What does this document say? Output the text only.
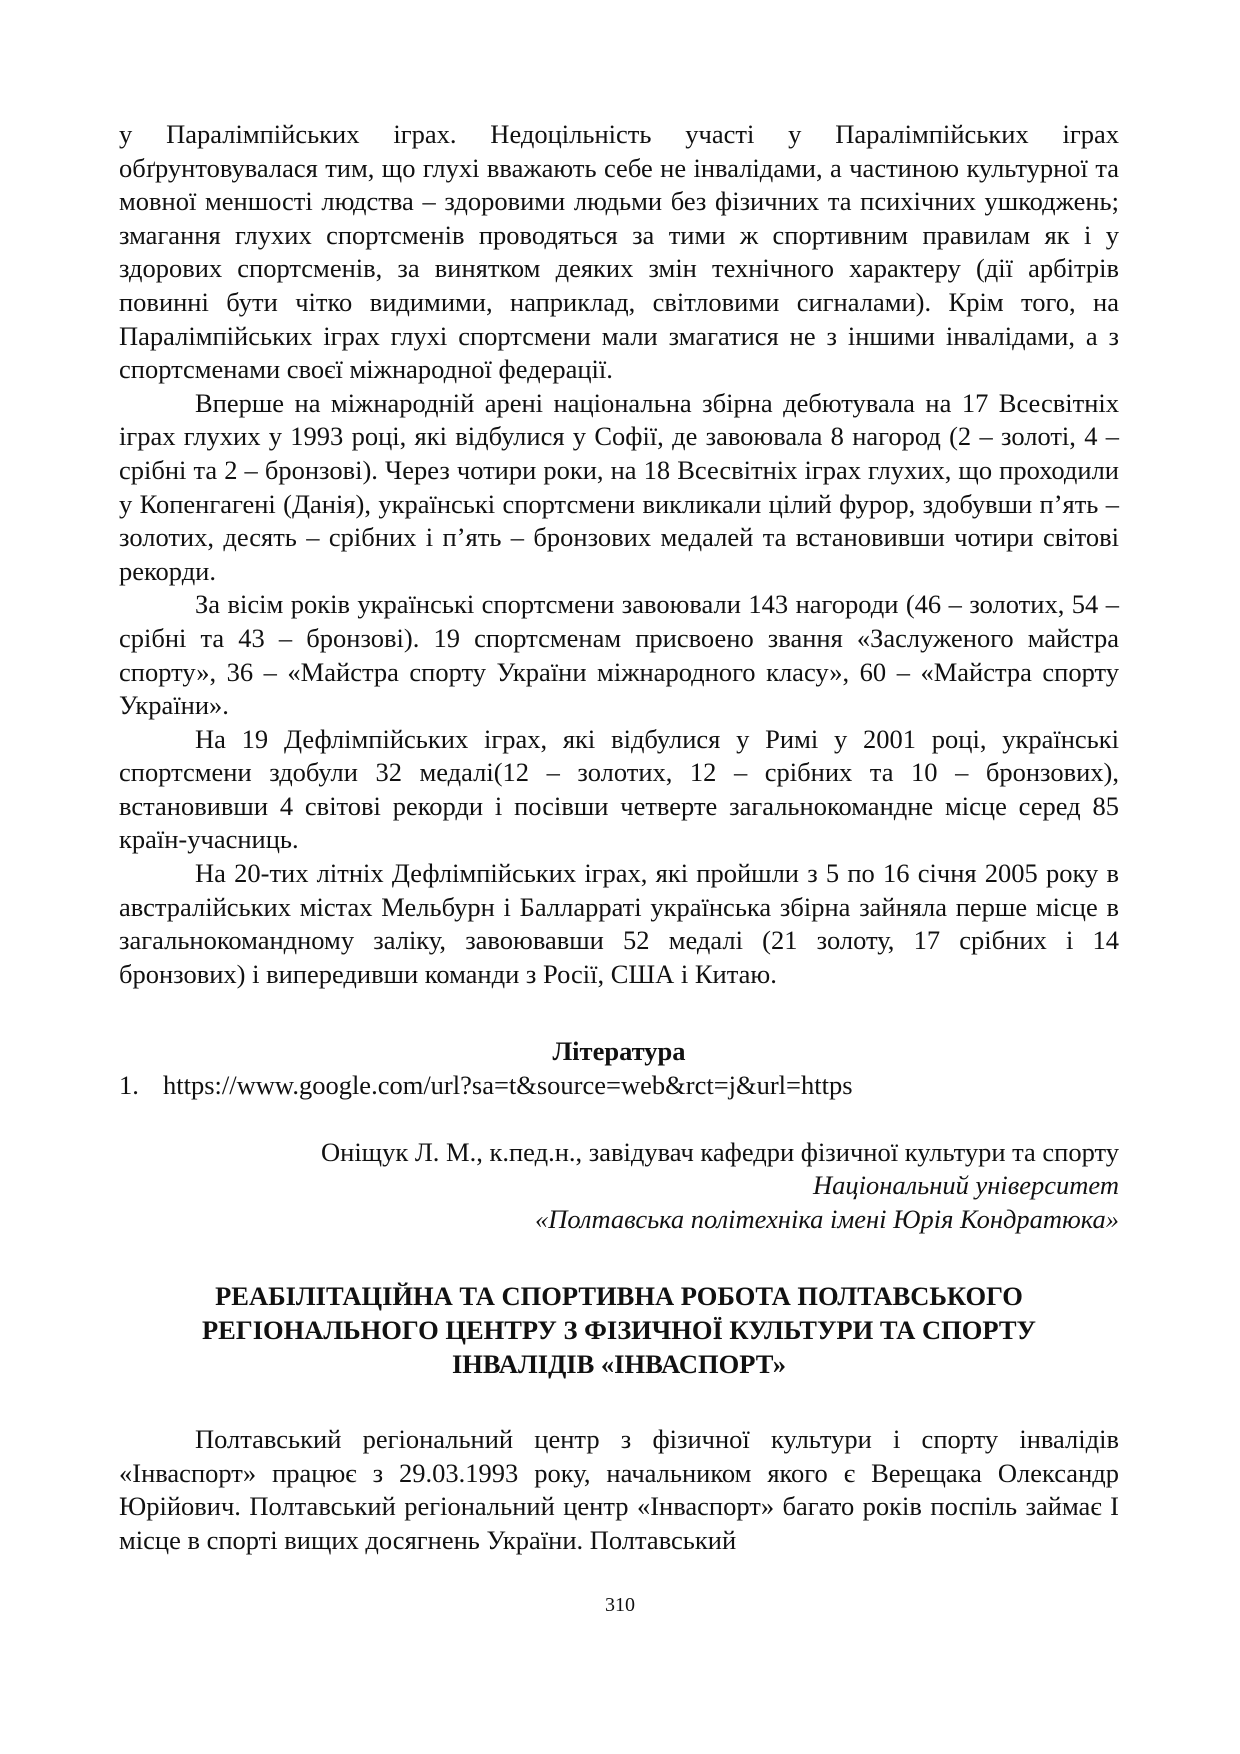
у Паралімпійських іграх. Недоцільність участі у Паралімпійських іграх обґрунтовувалася тим, що глухі вважають себе не інвалідами, а частиною культурної та мовної меншості людства – здоровими людьми без фізичних та психічних ушкоджень; змагання глухих спортсменів проводяться за тими ж спортивним правилам як і у здорових спортсменів, за винятком деяких змін технічного характеру (дії арбітрів повинні бути чітко видимими, наприклад, світловими сигналами). Крім того, на Паралімпійських іграх глухі спортсмени мали змагатися не з іншими інвалідами, а з спортсменами своєї міжнародної федерації.

Вперше на міжнародній арені національна збірна дебютувала на 17 Всесвітніх іграх глухих у 1993 році, які відбулися у Софії, де завоювала 8 нагород (2 – золоті, 4 – срібні та 2 – бронзові). Через чотири роки, на 18 Всесвітніх іграх глухих, що проходили у Копенгагені (Данія), українські спортсмени викликали цілий фурор, здобувши п’ять – золотих, десять – срібних і п’ять – бронзових медалей та встановивши чотири світові рекорди.

За вісім років українські спортсмени завоювали 143 нагороди (46 – золотих, 54 – срібні та 43 – бронзові). 19 спортсменам присвоено звання «Заслуженого майстра спорту», 36 – «Майстра спорту України міжнародного класу», 60 – «Майстра спорту України».

На 19 Дефлімпійських іграх, які відбулися у Римі у 2001 році, українські спортсмени здобули 32 медалі(12 – золотих, 12 – срібних та 10 – бронзових), встановивши 4 світові рекорди і посівши четверте загальнокомандне місце серед 85 країн-учасниць.

На 20-тих літніх Дефлімпійських іграх, які пройшли з 5 по 16 січня 2005 року в австралійських містах Мельбурн і Балларраті українська збірна зайняла перше місце в загальнокомандному заліку, завоювавши 52 медалі (21 золоту, 17 срібних і 14 бронзових) і випередивши команди з Росії, США і Китаю.

Література
1. https://www.google.com/url?sa=t&source=web&rct=j&url=https
Оніщук Л. М., к.пед.н., завідувач кафедри фізичної культури та спорту
Національний університет
«Полтавська політехніка імені Юрія Кондратюка»
РЕАБІЛІТАЦІЙНА ТА СПОРТИВНА РОБОТА ПОЛТАВСЬКОГО
РЕГІОНАЛЬНОГО ЦЕНТРУ З ФІЗИЧНОЇ КУЛЬТУРИ ТА СПОРТУ
ІНВАЛІДІВ «ІНВАСПОРТ»

Полтавський регіональний центр з фізичної культури і спорту інвалідів «Інваспорт» працює з 29.03.1993 року, начальником якого є Верещака Олександр Юрійович. Полтавський регіональний центр «Інваспорт» багато років поспіль займає І місце в спорті вищих досягнень України. Полтавський

310
